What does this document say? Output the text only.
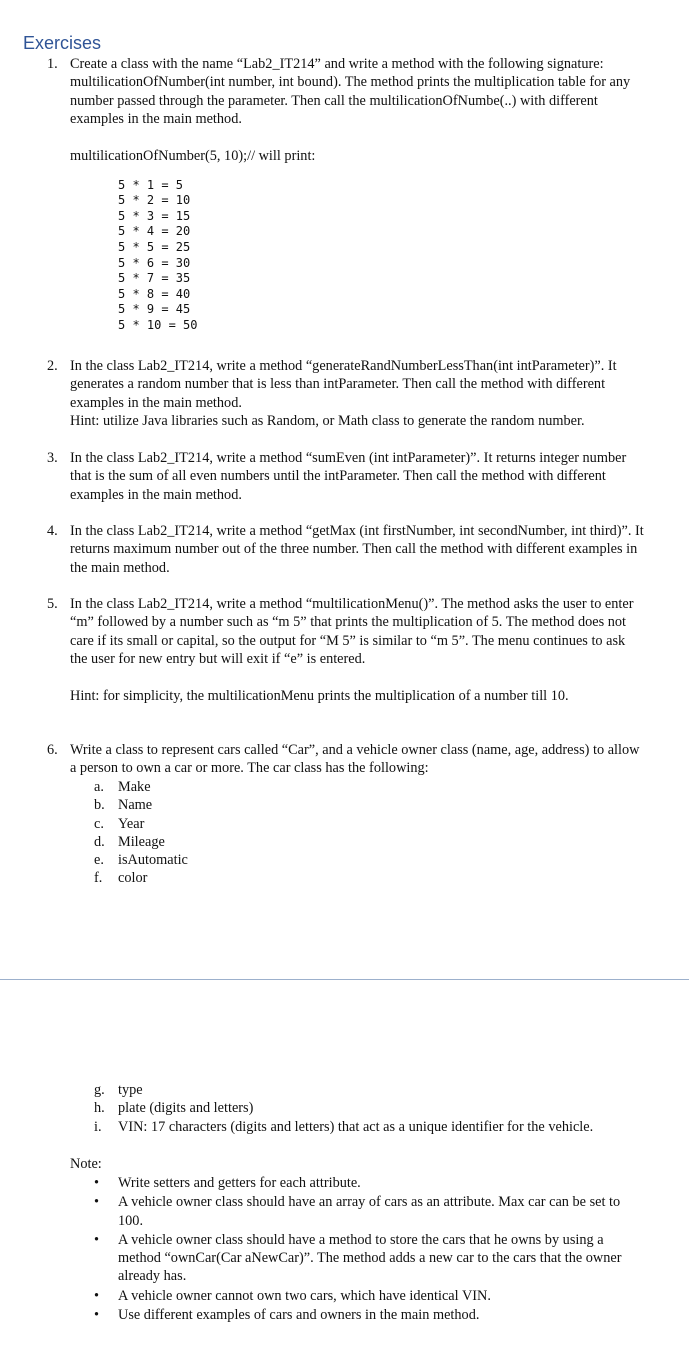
Exercises
1. Create a class with the name “Lab2_IT214” and write a method with the following signature: multilicationOfNumber(int number, int bound). The method prints the multiplication table for any number passed through the parameter. Then call the multilicationOfNumbe(..) with different examples in the main method.
multilicationOfNumber(5, 10);// will print:

5 * 1 = 5
5 * 2 = 10
5 * 3 = 15
5 * 4 = 20
5 * 5 = 25
5 * 6 = 30
5 * 7 = 35
5 * 8 = 40
5 * 9 = 45
5 * 10 = 50

2. In the class Lab2_IT214, write a method “generateRandNumberLessThan(int intParameter)”. It generates a random number that is less than intParameter. Then call the method with different examples in the main method.
Hint: utilize Java libraries such as Random, or Math class to generate the random number.
3. In the class Lab2_IT214, write a method “sumEven (int intParameter)”. It returns integer number that is the sum of all even numbers until the intParameter. Then call the method with different examples in the main method.
4. In the class Lab2_IT214, write a method “getMax (int firstNumber, int secondNumber, int third)”. It returns maximum number out of the three number. Then call the method with different examples in the main method.
5. In the class Lab2_IT214, write a method “multilicationMenu()”. The method asks the user to enter “m” followed by a number such as “m 5” that prints the multiplication of 5. The method does not care if its small or capital, so the output for “M 5” is similar to “m 5”. The menu continues to ask the user for new entry but will exit if “e” is entered.
Hint: for simplicity, the multilicationMenu prints the multiplication of a number till 10.
6. Write a class to represent cars called “Car”, and a vehicle owner class (name, age, address) to allow a person to own a car or more. The car class has the following:
a. Make
b. Name
c. Year
d. Mileage
e. isAutomatic
f. color
g. type
h. plate (digits and letters)
i. VIN: 17 characters (digits and letters) that act as a unique identifier for the vehicle.
Note:
• Write setters and getters for each attribute.
• A vehicle owner class should have an array of cars as an attribute. Max car can be set to 100.
• A vehicle owner class should have a method to store the cars that he owns by using a method “ownCar(Car aNewCar)”. The method adds a new car to the cars that the owner already has.
• A vehicle owner cannot own two cars, which have identical VIN.
• Use different examples of cars and owners in the main method.
